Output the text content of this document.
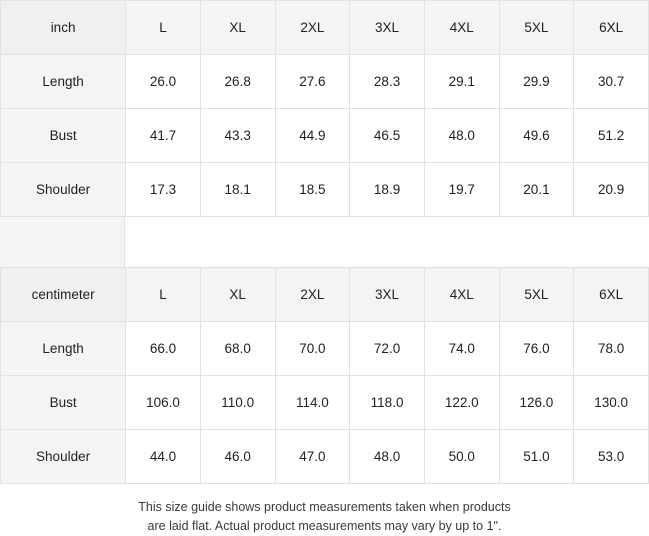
inch	L	XL	2XL	3XL	4XL	5XL	6XL
Length	26.0	26.8	27.6	28.3	29.1	29.9	30.7
Bust	41.7	43.3	44.9	46.5	48.0	49.6	51.2
Shoulder	17.3	18.1	18.5	18.9	19.7	20.1	20.9
centimeter	L	XL	2XL	3XL	4XL	5XL	6XL
Length	66.0	68.0	70.0	72.0	74.0	76.0	78.0
Bust	106.0	110.0	114.0	118.0	122.0	126.0	130.0
Shoulder	44.0	46.0	47.0	48.0	50.0	51.0	53.0
This size guide shows product measurements taken when products
are laid flat. Actual product measurements may vary by up to 1".
